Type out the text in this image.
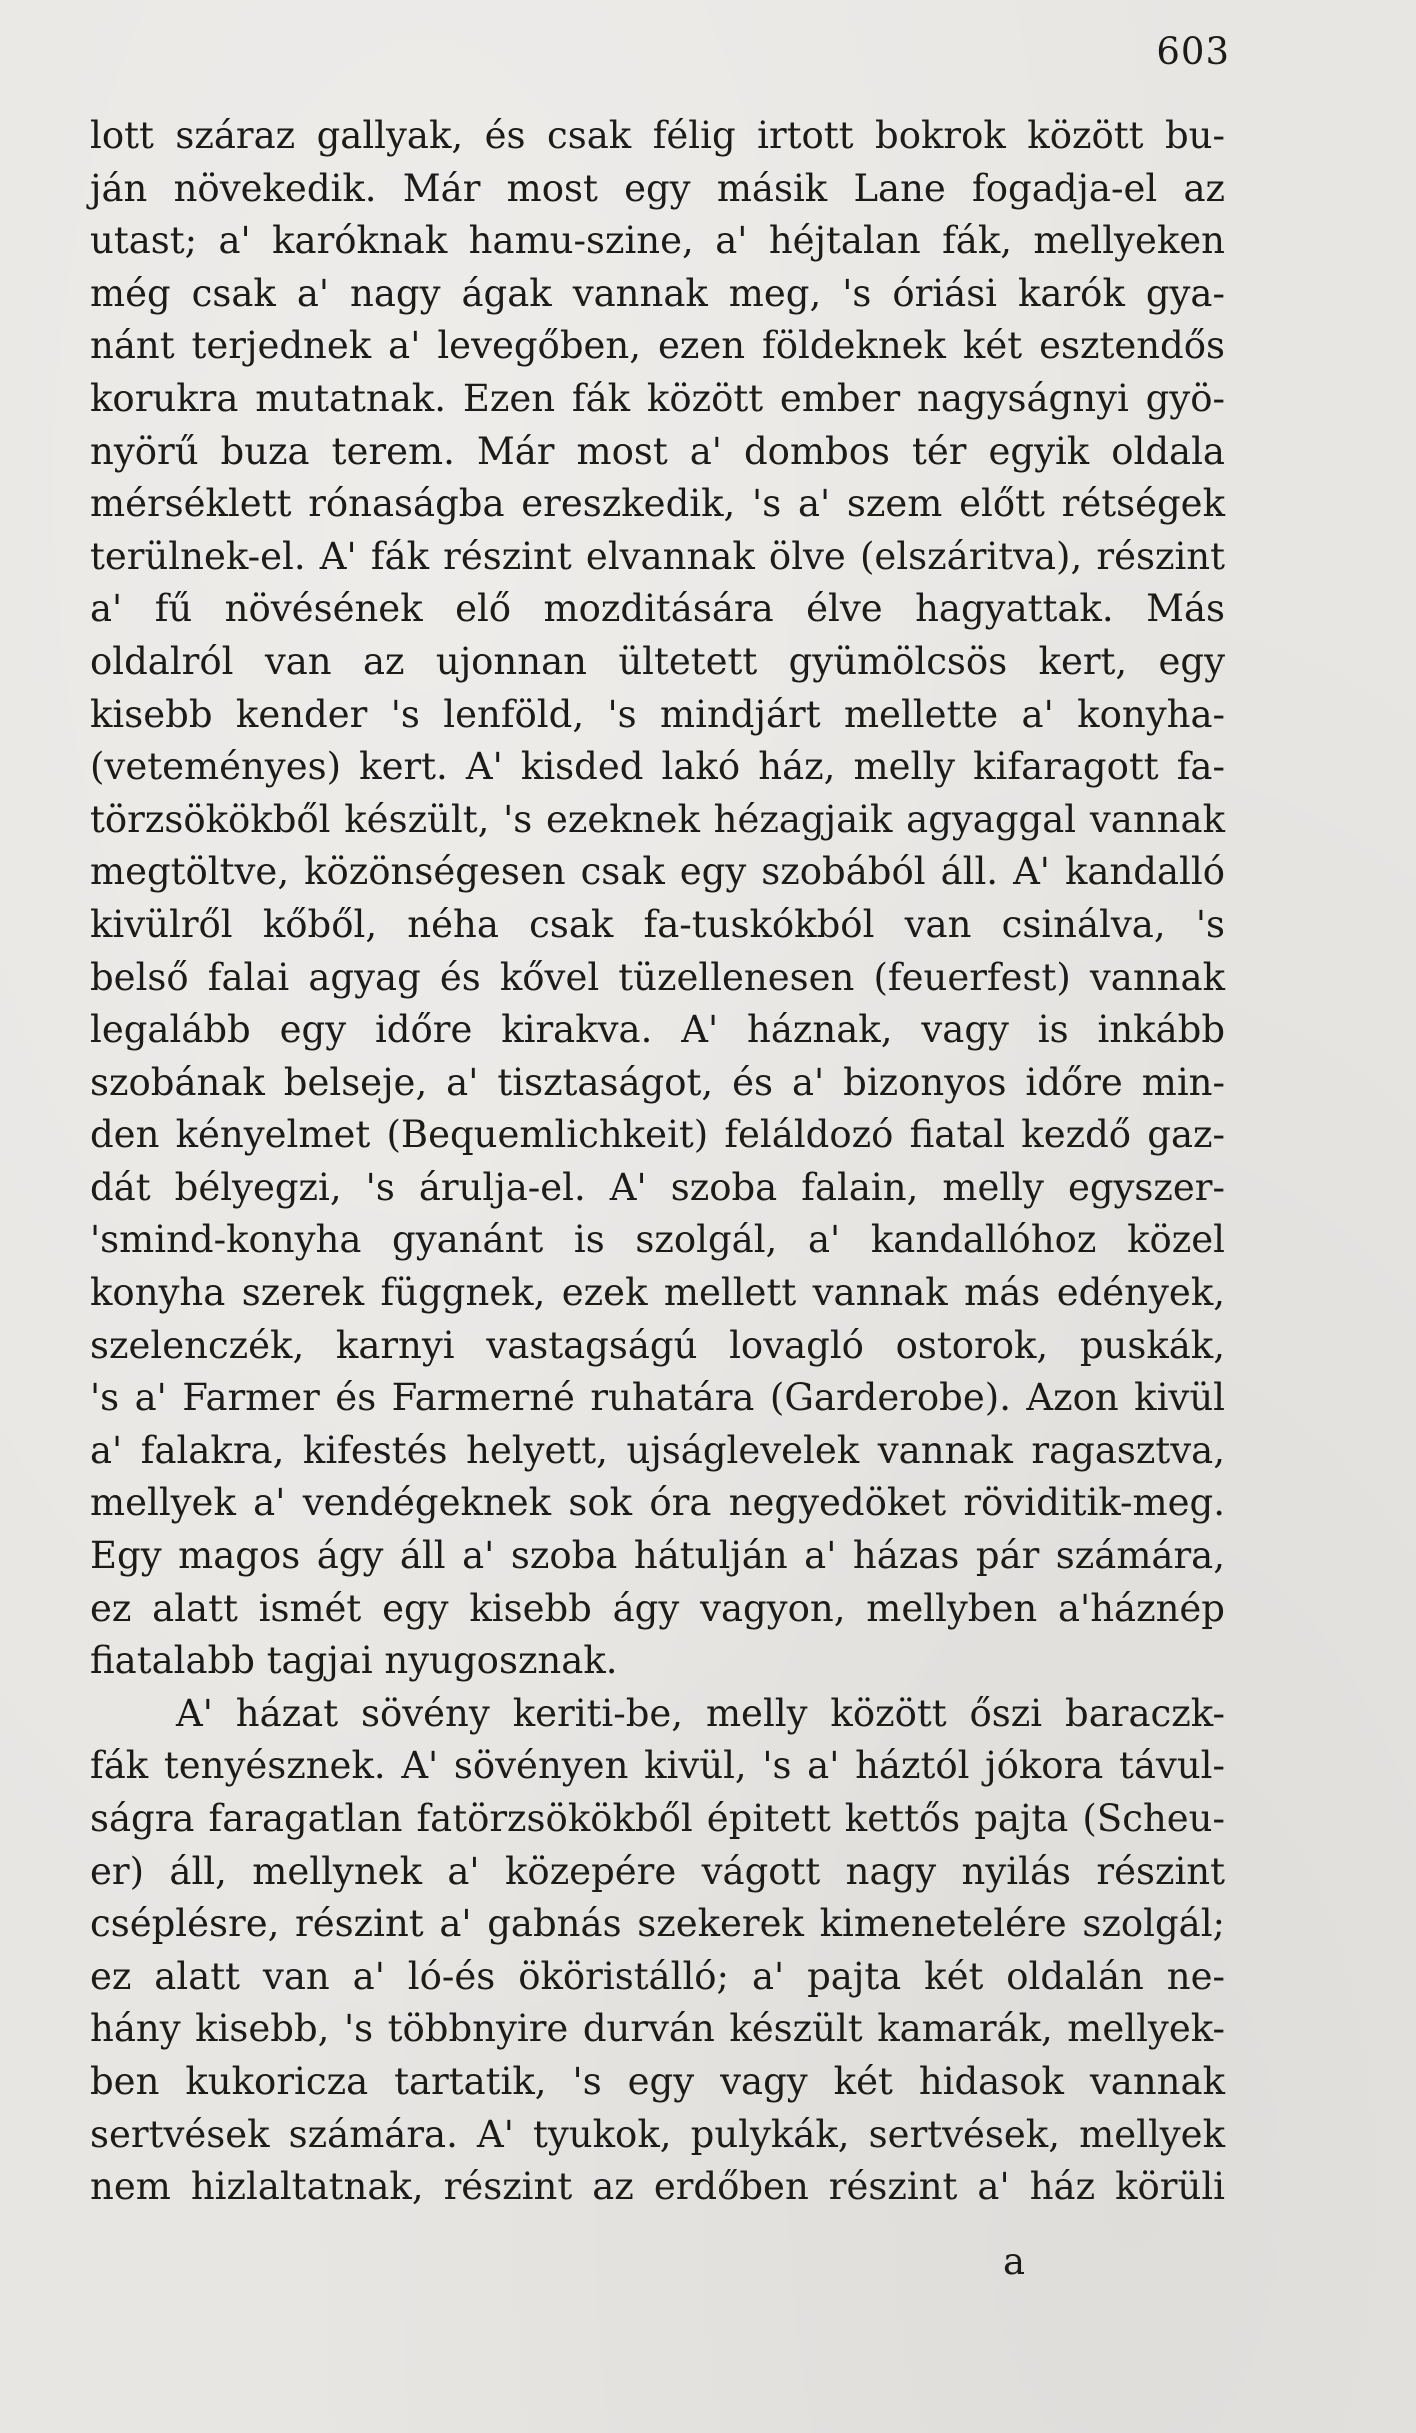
603
lott száraz gallyak, és csak félig irtott bokrok között bu-
ján növekedik. Már most egy másik Lane fogadja-el az
utast; a' karóknak hamu-szine, a' héjtalan fák, mellyeken
még csak a' nagy ágak vannak meg, 's óriási karók gya-
nánt terjednek a' levegőben, ezen földeknek két esztendős
korukra mutatnak. Ezen fák között ember nagyságnyi gyö-
nyörű buza terem. Már most a' dombos tér egyik oldala
mérséklett rónaságba ereszkedik, 's a' szem előtt rétségek
terülnek-el. A' fák részint elvannak ölve (elszáritva), részint
a' fű növésének elő mozditására élve hagyattak. Más
oldalról van az ujonnan ültetett gyümölcsös kert, egy
kisebb kender 's lenföld, 's mindjárt mellette a' konyha-
(veteményes) kert. A' kisded lakó ház, melly kifaragott fa-
törzsökökből készült, 's ezeknek hézagjaik agyaggal vannak
megtöltve, közönségesen csak egy szobából áll. A' kandalló
kivülről kőből, néha csak fa-tuskókból van csinálva, 's
belső falai agyag és kővel tüzellenesen (feuerfest) vannak
legalább egy időre kirakva. A' háznak, vagy is inkább
szobának belseje, a' tisztaságot, és a' bizonyos időre min-
den kényelmet (Bequemlichkeit) feláldozó fiatal kezdő gaz-
dát bélyegzi, 's árulja-el. A' szoba falain, melly egyszer-
'smind-konyha gyanánt is szolgál, a' kandallóhoz közel
konyha szerek függnek, ezek mellett vannak más edények,
szelenczék, karnyi vastagságú lovagló ostorok, puskák,
's a' Farmer és Farmerné ruhatára (Garderobe). Azon kivül
a' falakra, kifestés helyett, ujságlevelek vannak ragasztva,
mellyek a' vendégeknek sok óra negyedöket röviditik-meg.
Egy magos ágy áll a' szoba hátulján a' házas pár számára,
ez alatt ismét egy kisebb ágy vagyon, mellyben a'háznép
fiatalabb tagjai nyugosznak.
A' házat sövény keriti-be, melly között őszi baraczk-
fák tenyésznek. A' sövényen kivül, 's a' háztól jókora távul-
ságra faragatlan fatörzsökökből épitett kettős pajta (Scheu-
er) áll, mellynek a' közepére vágott nagy nyilás részint
cséplésre, részint a' gabnás szekerek kimenetelére szolgál;
ez alatt van a' ló-és ököristálló; a' pajta két oldalán ne-
hány kisebb, 's többnyire durván készült kamarák, mellyek-
ben kukoricza tartatik, 's egy vagy két hidasok vannak
sertvések számára. A' tyukok, pulykák, sertvések, mellyek
nem hizlaltatnak, részint az erdőben részint a' ház körüli
a
